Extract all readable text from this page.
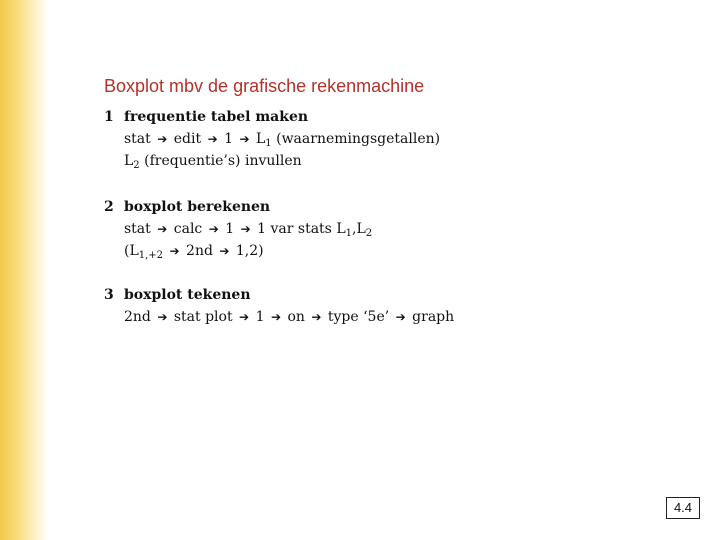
Boxplot mbv de grafische rekenmachine
1 frequentie tabel maken
stat ➔ edit ➔ 1 ➔ $L_1$ (waarnemingsgetallen)
$L_2$ (frequentie’s) invullen
2 boxplot berekenen
stat ➔ calc ➔ 1 ➔ 1 var stats $L_1,L_2$
($L_{1,+2}$ ➔ 2nd ➔ 1,2)
3 boxplot tekenen
2nd ➔ stat plot ➔ 1 ➔ on ➔ type ‘5e’ ➔ graph
4.4
